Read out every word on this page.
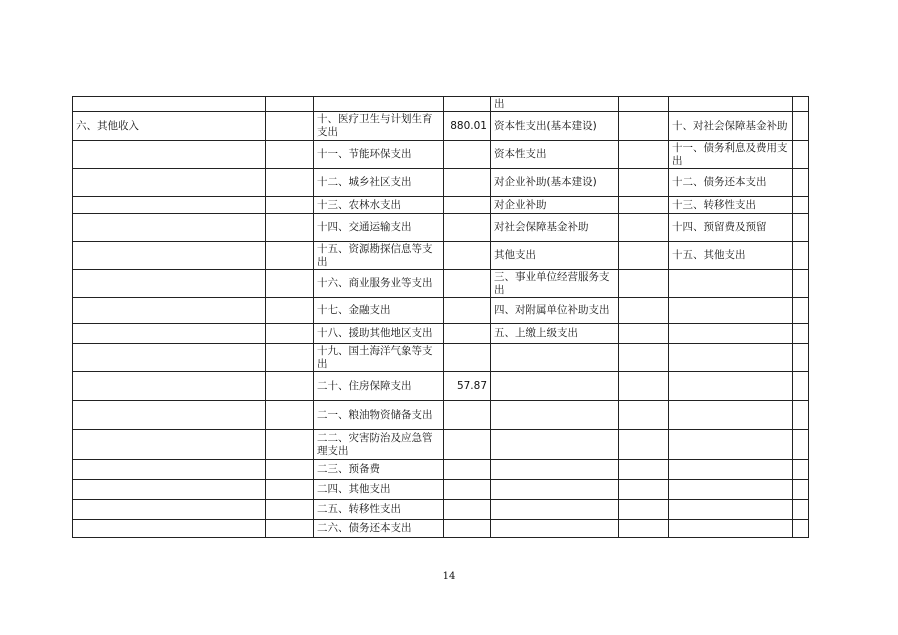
				出			
六、其他收入		十、医疗卫生与计划生育支出	880.01	资本性支出(基本建设)		十、对社会保障基金补助	
		十一、节能环保支出		资本性支出		十一、债务利息及费用支出	
		十二、城乡社区支出		对企业补助(基本建设)		十二、债务还本支出	
		十三、农林水支出		对企业补助		十三、转移性支出	
		十四、交通运输支出		对社会保障基金补助		十四、预留费及预留	
		十五、资源勘探信息等支出		其他支出		十五、其他支出	
		十六、商业服务业等支出		三、事业单位经营服务支出			
		十七、金融支出		四、对附属单位补助支出			
		十八、援助其他地区支出		五、上缴上级支出			
		十九、国土海洋气象等支出					
		二十、住房保障支出	57.87				
		二一、粮油物资储备支出					
		二二、灾害防治及应急管理支出					
		二三、预备费					
		二四、其他支出					
		二五、转移性支出					
		二六、债务还本支出					
14
